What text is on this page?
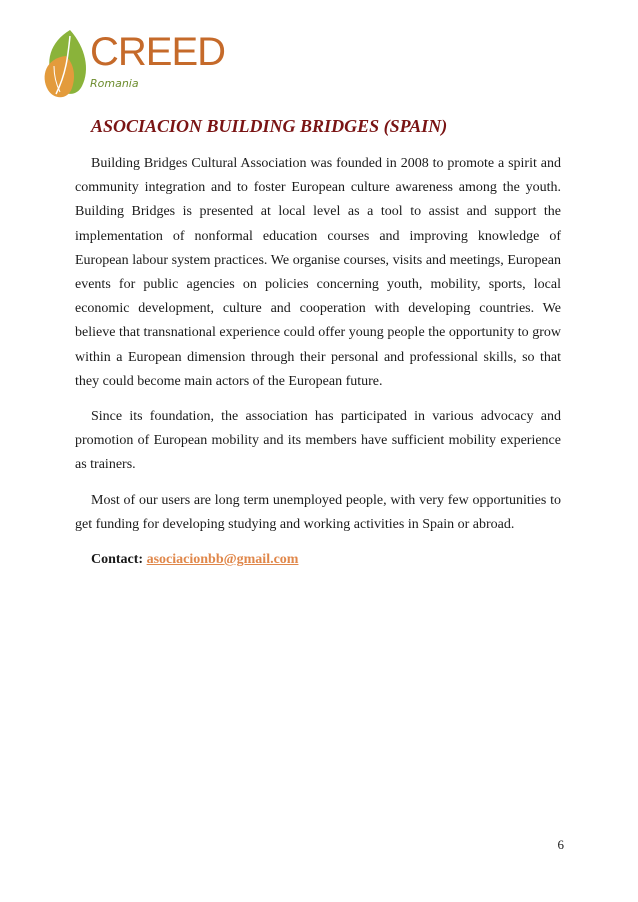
CREED
Romania
ASOCIACION BUILDING BRIDGES (SPAIN)

Building Bridges Cultural Association was founded in 2008 to promote a spirit and community integration and to foster European culture awareness among the youth. Building Bridges is presented at local level as a tool to assist and support the implementation of nonformal education courses and improving knowledge of European labour system practices. We organise courses, visits and meetings, European events for public agencies on policies concerning youth, mobility, sports, local economic development, culture and cooperation with developing countries. We believe that transnational experience could offer young people the opportunity to grow within a European dimension through their personal and professional skills, so that they could become main actors of the European future.

Since its foundation, the association has participated in various advocacy and promotion of European mobility and its members have sufficient mobility experience as trainers.

Most of our users are long term unemployed people, with very few opportunities to get funding for developing studying and working activities in Spain or abroad.

Contact: asociacionbb@gmail.com

6
